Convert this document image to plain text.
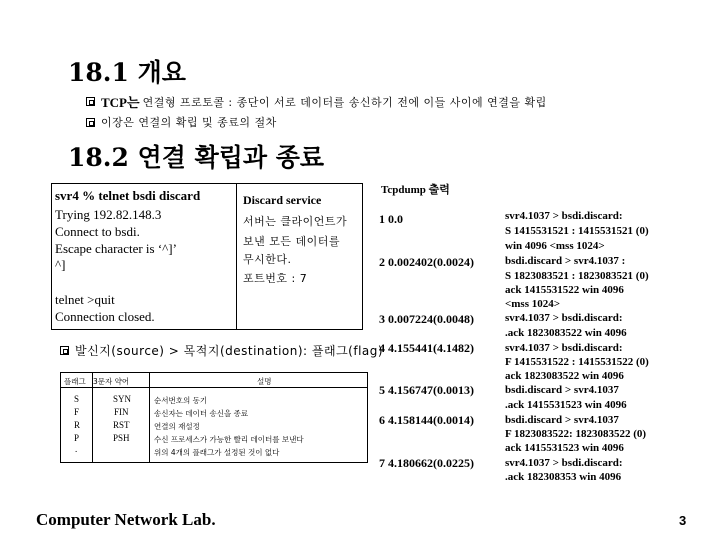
18.1 개요
TCP는 연결형 프로토콜 : 종단이 서로 데이터를 송신하기 전에 이들 사이에 연결을 확립
이장은 연결의 확립 및 종료의 절차
18.2 연결 확립과 종료
svr4 % telnet bsdi discard
Trying 192.82.148.3
Connect to bsdi.
Escape character is ‘^]’
^]
telnet >quit
Connection closed.
Discard service
서버는 클라이언트가
보낸 모든 데이터를
무시한다.
포트번호 : 7
발신지(source) > 목적지(destination): 플래그(flag)
플래그 3문자 약어	설명
S
F
R
P
.
SYN
FIN
RST
PSH
순서번호의 동기
송신자는 데이터 송신을 종료
연결의 재설정
수신 프로세스가 가능한 빨리 데이터를 보낸다
위의 4개의 플래그가 설정된 것이 없다
Tcpdump 출력
1 0.0
2 0.002402(0.0024)
3 0.007224(0.0048)
4 4.155441(4.1482)
5 4.156747(0.0013)
6 4.158144(0.0014)
7 4.180662(0.0225)
svr4.1037 > bsdi.discard:
S 1415531521 : 1415531521 (0)
win 4096 <mss 1024>
bsdi.discard > svr4.1037 :
S 1823083521 : 1823083521 (0)
ack 1415531522 win 4096
<mss 1024>
svr4.1037 > bsdi.discard:
.ack 1823083522 win 4096
svr4.1037 > bsdi.discard:
F 1415531522 : 1415531522 (0)
ack 1823083522 win 4096
bsdi.discard > svr4.1037
.ack 1415531523 win 4096
bsdi.discard > svr4.1037
F 1823083522: 1823083522 (0)
ack 1415531523 win 4096
svr4.1037 > bsdi.discard:
.ack 182308353 win 4096
Computer Network Lab.	3
